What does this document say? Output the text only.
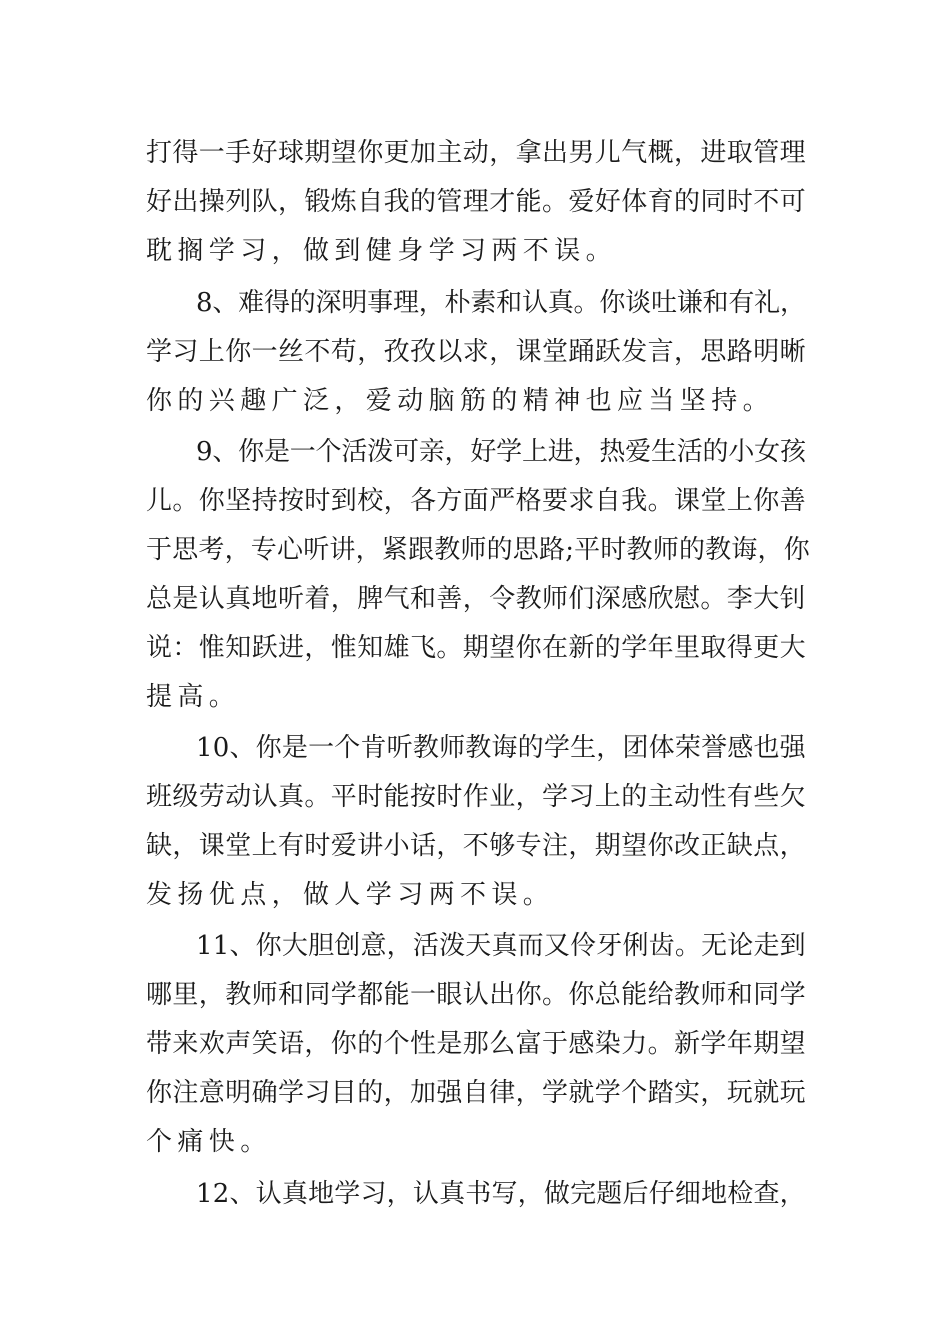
打得一手好球期望你更加主动，拿出男儿气概，进取管理
好出操列队，锻炼自我的管理才能。爱好体育的同时不可
耽搁学习，做到健身学习两不误。
8、难得的深明事理，朴素和认真。你谈吐谦和有礼，
学习上你一丝不苟，孜孜以求，课堂踊跃发言，思路明晰
你的兴趣广泛，爱动脑筋的精神也应当坚持。
9、你是一个活泼可亲，好学上进，热爱生活的小女孩
儿。你坚持按时到校，各方面严格要求自我。课堂上你善
于思考，专心听讲，紧跟教师的思路;平时教师的教诲，你
总是认真地听着，脾气和善，令教师们深感欣慰。李大钊
说：惟知跃进，惟知雄飞。期望你在新的学年里取得更大
提高。
10、你是一个肯听教师教诲的学生，团体荣誉感也强
班级劳动认真。平时能按时作业，学习上的主动性有些欠
缺，课堂上有时爱讲小话，不够专注，期望你改正缺点，
发扬优点，做人学习两不误。
11、你大胆创意，活泼天真而又伶牙俐齿。无论走到
哪里，教师和同学都能一眼认出你。你总能给教师和同学
带来欢声笑语，你的个性是那么富于感染力。新学年期望
你注意明确学习目的，加强自律，学就学个踏实，玩就玩
个痛快。
12、认真地学习，认真书写，做完题后仔细地检查，
